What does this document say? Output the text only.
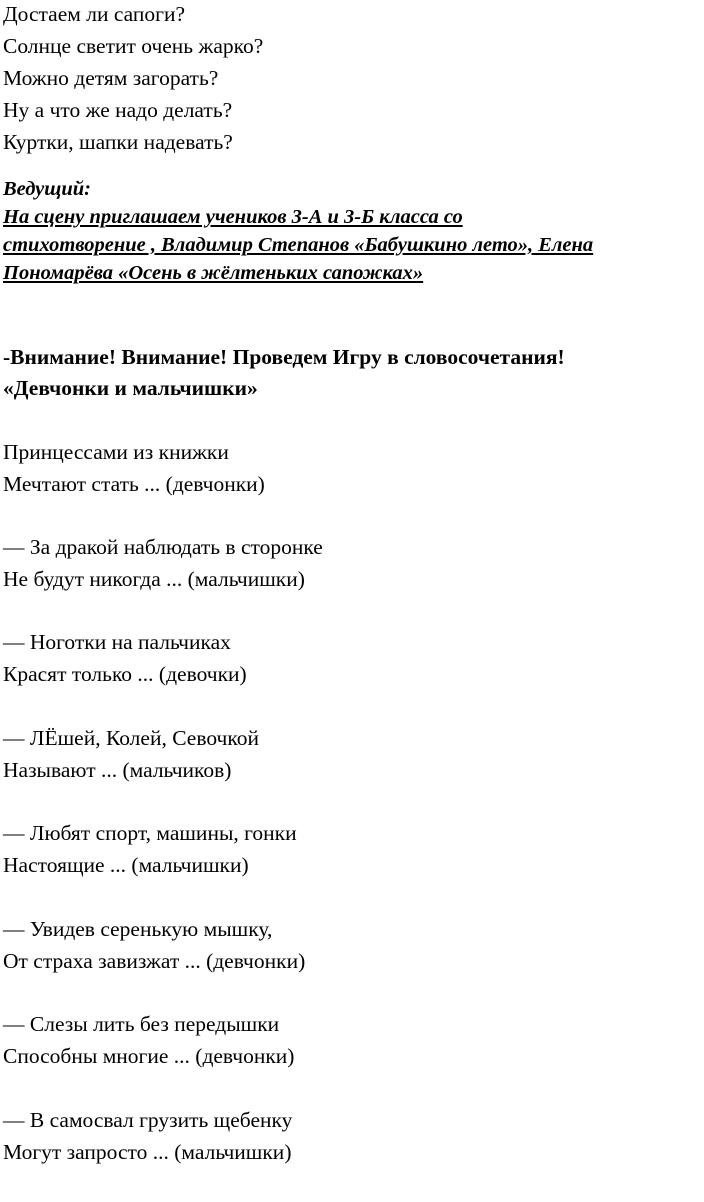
Достаем ли сапоги?

Солнце светит очень жарко?

Можно детям загорать?

Ну а что же надо делать?

Куртки, шапки надевать?

Ведущий:

На сцену приглашаем учеников 3-А и 3-Б класса со

стихотворение , Владимир Степанов «Бабушкино лето», Елена

Пономарёва «Осень в жёлтеньких сапожках»

-Внимание! Внимание! Проведем Игру в словосочетания!

«Девчонки и мальчишки»

Принцессами из книжки

Мечтают стать ... (девчонки)

— За дракой наблюдать в сторонке

Не будут никогда ... (мальчишки)

— Ноготки на пальчиках

Красят только ... (девочки)

— ЛЁшей, Колей, Севочкой

Называют ... (мальчиков)

— Любят спорт, машины, гонки

Настоящие ... (мальчишки)

— Увидев серенькую мышку,

От страха завизжат ... (девчонки)

— Слезы лить без передышки

Способны многие ... (девчонки)

— В самосвал грузить щебенку

Могут запросто ... (мальчишки)
